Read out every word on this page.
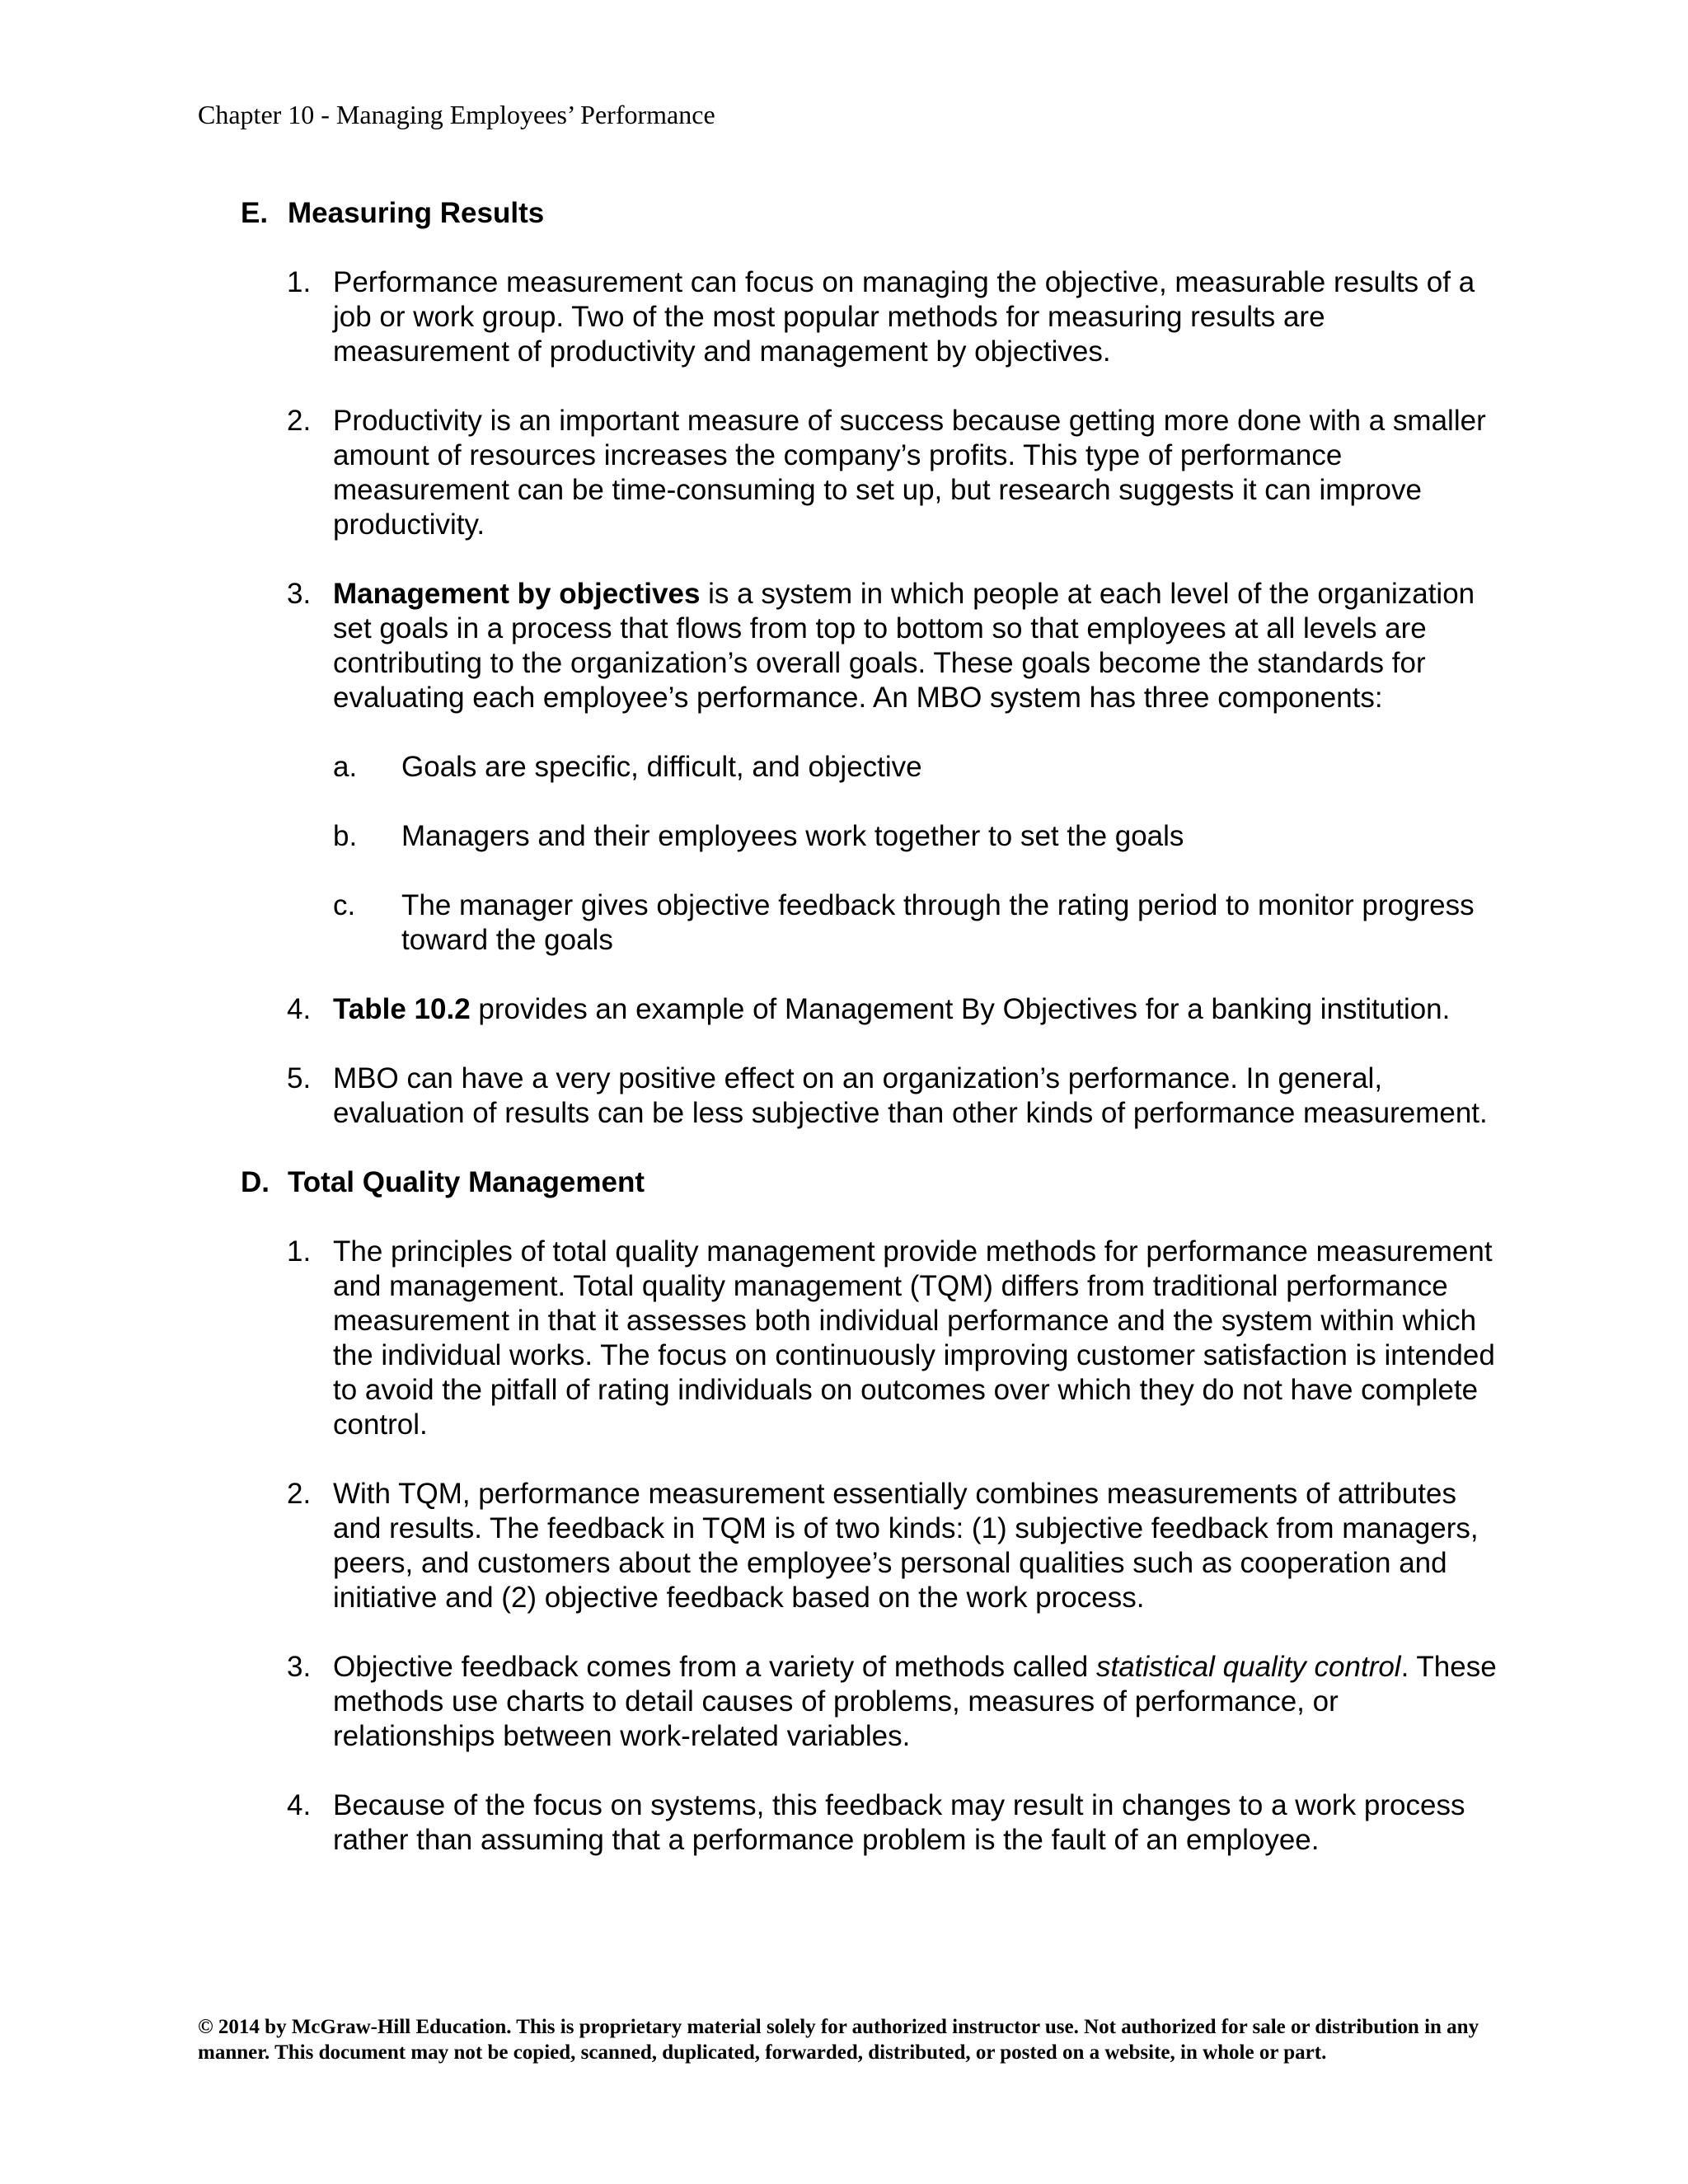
Chapter 10 - Managing Employees’ Performance
E. Measuring Results
1. Performance measurement can focus on managing the objective, measurable results of a job or work group. Two of the most popular methods for measuring results are measurement of productivity and management by objectives.

2. Productivity is an important measure of success because getting more done with a smaller amount of resources increases the company’s profits. This type of performance measurement can be time-consuming to set up, but research suggests it can improve productivity.

3. Management by objectives is a system in which people at each level of the organization set goals in a process that flows from top to bottom so that employees at all levels are contributing to the organization’s overall goals. These goals become the standards for evaluating each employee’s performance. An MBO system has three components:

a. Goals are specific, difficult, and objective

b. Managers and their employees work together to set the goals

c. The manager gives objective feedback through the rating period to monitor progress toward the goals

4. Table 10.2 provides an example of Management By Objectives for a banking institution.

5. MBO can have a very positive effect on an organization’s performance. In general, evaluation of results can be less subjective than other kinds of performance measurement.

D. Total Quality Management
1. The principles of total quality management provide methods for performance measurement and management. Total quality management (TQM) differs from traditional performance measurement in that it assesses both individual performance and the system within which the individual works. The focus on continuously improving customer satisfaction is intended to avoid the pitfall of rating individuals on outcomes over which they do not have complete control.

2. With TQM, performance measurement essentially combines measurements of attributes and results. The feedback in TQM is of two kinds: (1) subjective feedback from managers, peers, and customers about the employee’s personal qualities such as cooperation and initiative and (2) objective feedback based on the work process.

3. Objective feedback comes from a variety of methods called statistical quality control. These methods use charts to detail causes of problems, measures of performance, or relationships between work-related variables.

4. Because of the focus on systems, this feedback may result in changes to a work process rather than assuming that a performance problem is the fault of an employee.

© 2014 by McGraw-Hill Education. This is proprietary material solely for authorized instructor use. Not authorized for sale or distribution in any manner. This document may not be copied, scanned, duplicated, forwarded, distributed, or posted on a website, in whole or part.
